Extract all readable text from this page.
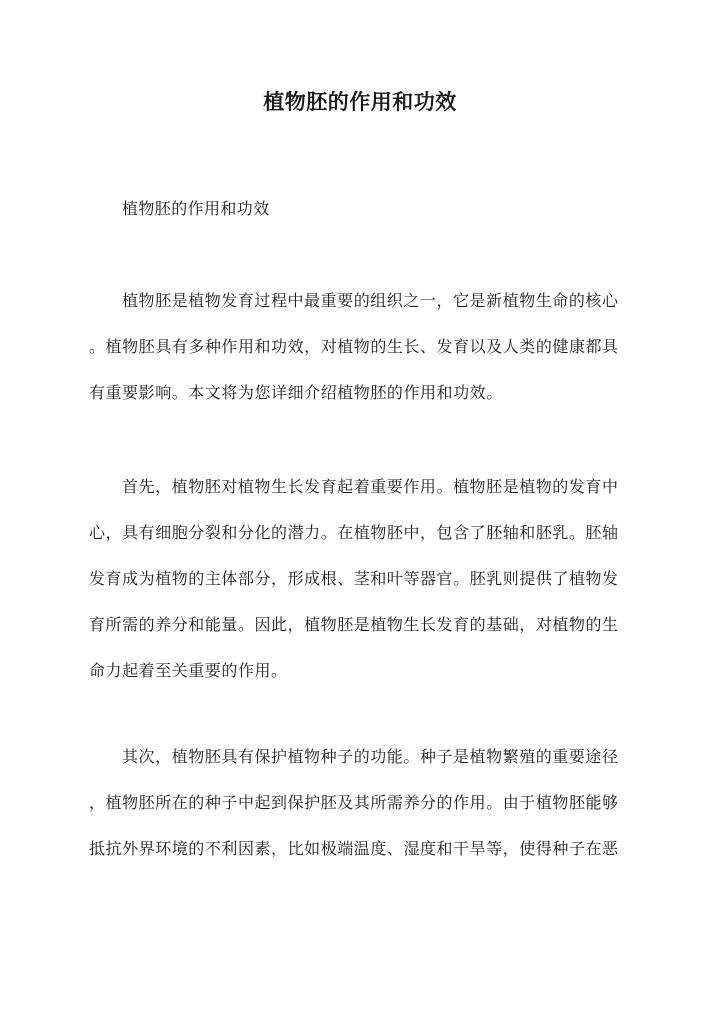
植物胚的作用和功效
植物胚的作用和功效
植物胚是植物发育过程中最重要的组织之一，它是新植物生命的核心
。植物胚具有多种作用和功效，对植物的生长、发育以及人类的健康都具
有重要影响。本文将为您详细介绍植物胚的作用和功效。
首先，植物胚对植物生长发育起着重要作用。植物胚是植物的发育中
心，具有细胞分裂和分化的潜力。在植物胚中，包含了胚轴和胚乳。胚轴
发育成为植物的主体部分，形成根、茎和叶等器官。胚乳则提供了植物发
育所需的养分和能量。因此，植物胚是植物生长发育的基础，对植物的生
命力起着至关重要的作用。
其次，植物胚具有保护植物种子的功能。种子是植物繁殖的重要途径
，植物胚所在的种子中起到保护胚及其所需养分的作用。由于植物胚能够
抵抗外界环境的不利因素，比如极端温度、湿度和干旱等，使得种子在恶
